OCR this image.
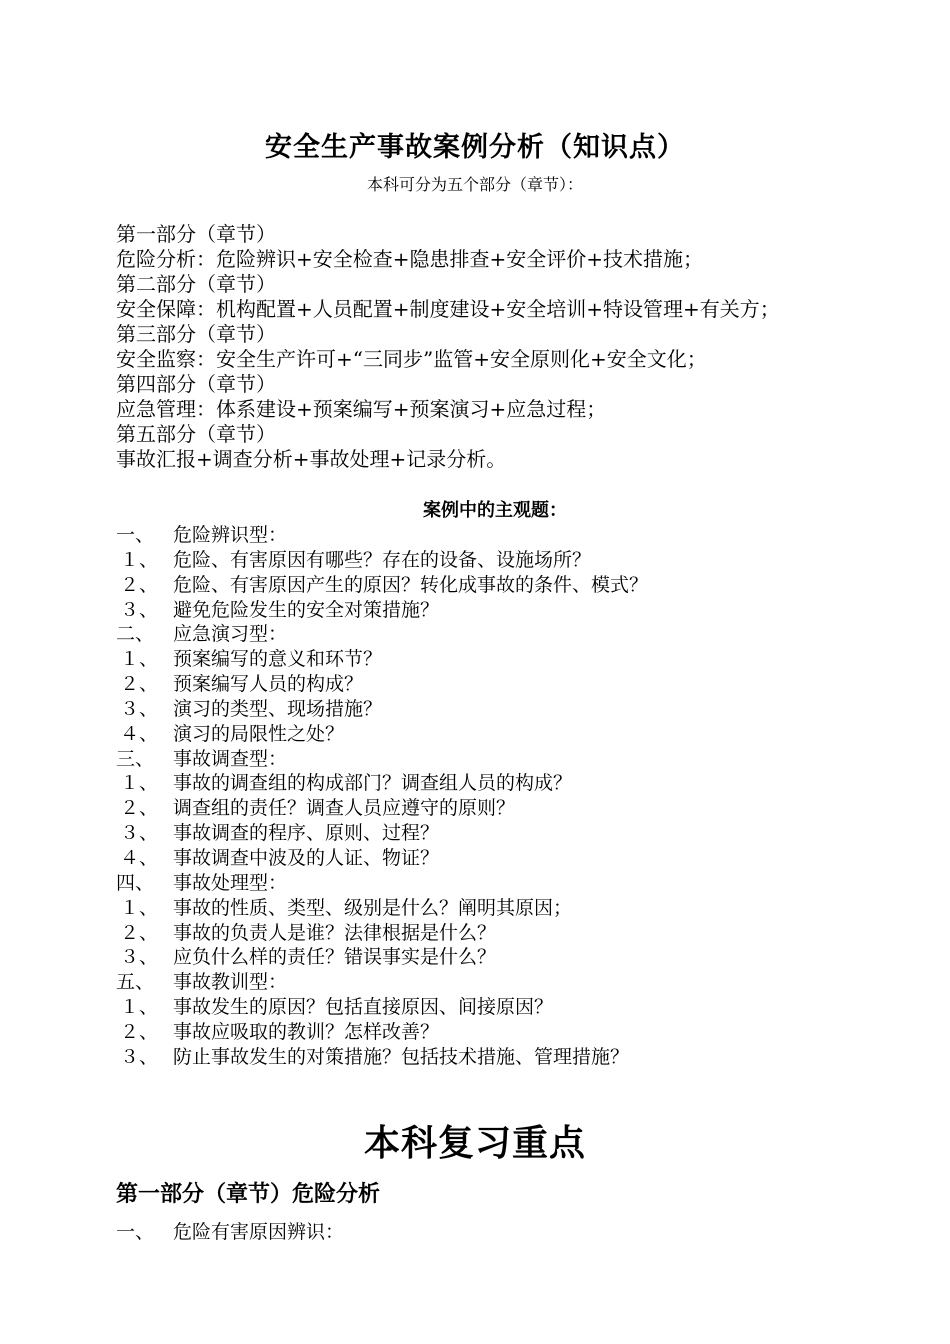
安全生产事故案例分析（知识点）
本科可分为五个部分（章节）：
第一部分（章节）
危险分析：危险辨识+安全检查+隐患排查+安全评价+技术措施；
第二部分（章节）
安全保障：机构配置+人员配置+制度建设+安全培训+特设管理+有关方；
第三部分（章节）
安全监察：安全生产许可+“三同步”监管+安全原则化+安全文化；
第四部分（章节）
应急管理：体系建设+预案编写+预案演习+应急过程；
第五部分（章节）
事故汇报+调查分析+事故处理+记录分析。
案例中的主观题：
一、 危险辨识型：
１、 危险、有害原因有哪些？存在的设备、设施场所？
２、 危险、有害原因产生的原因？转化成事故的条件、模式？
３、 避免危险发生的安全对策措施？
二、 应急演习型：
１、 预案编写的意义和环节？
２、 预案编写人员的构成？
３、 演习的类型、现场措施？
４、 演习的局限性之处？
三、 事故调查型：
１、 事故的调查组的构成部门？调查组人员的构成？
２、 调查组的责任？调查人员应遵守的原则？
３、 事故调查的程序、原则、过程？
４、 事故调查中波及的人证、物证？
四、 事故处理型：
１、 事故的性质、类型、级别是什么？阐明其原因；
２、 事故的负责人是谁？法律根据是什么？
３、 应负什么样的责任？错误事实是什么？
五、 事故教训型：
１、 事故发生的原因？包括直接原因、间接原因？
２、 事故应吸取的教训？怎样改善？
３、 防止事故发生的对策措施？包括技术措施、管理措施？
本科复习重点
第一部分（章节）危险分析
一、 危险有害原因辨识：
